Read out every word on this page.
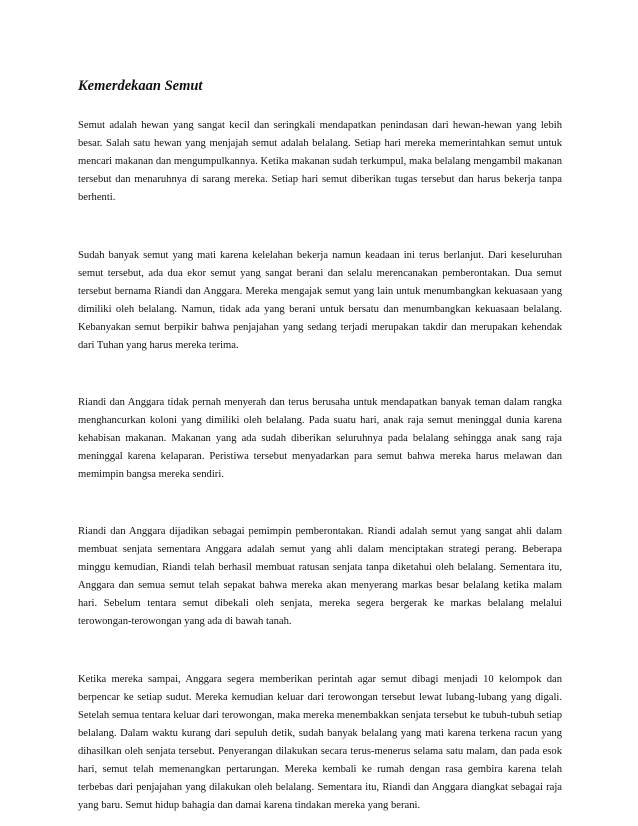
Kemerdekaan Semut

Semut adalah hewan yang sangat kecil dan seringkali mendapatkan penindasan dari hewan-hewan yang lebih besar. Salah satu hewan yang menjajah semut adalah belalang. Setiap hari mereka memerintahkan semut untuk mencari makanan dan mengumpulkannya. Ketika makanan sudah terkumpul, maka belalang mengambil makanan tersebut dan menaruhnya di sarang mereka. Setiap hari semut diberikan tugas tersebut dan harus bekerja tanpa berhenti.

Sudah banyak semut yang mati karena kelelahan bekerja namun keadaan ini terus berlanjut. Dari keseluruhan semut tersebut, ada dua ekor semut yang sangat berani dan selalu merencanakan pemberontakan. Dua semut tersebut bernama Riandi dan Anggara. Mereka mengajak semut yang lain untuk menumbangkan kekuasaan yang dimiliki oleh belalang. Namun, tidak ada yang berani untuk bersatu dan menumbangkan kekuasaan belalang. Kebanyakan semut berpikir bahwa penjajahan yang sedang terjadi merupakan takdir dan merupakan kehendak dari Tuhan yang harus mereka terima.

Riandi dan Anggara tidak pernah menyerah dan terus berusaha untuk mendapatkan banyak teman dalam rangka menghancurkan koloni yang dimiliki oleh belalang. Pada suatu hari, anak raja semut meninggal dunia karena kehabisan makanan. Makanan yang ada sudah diberikan seluruhnya pada belalang sehingga anak sang raja meninggal karena kelaparan. Peristiwa tersebut menyadarkan para semut bahwa mereka harus melawan dan memimpin bangsa mereka sendiri.

Riandi dan Anggara dijadikan sebagai pemimpin pemberontakan. Riandi adalah semut yang sangat ahli dalam membuat senjata sementara Anggara adalah semut yang ahli dalam menciptakan strategi perang. Beberapa minggu kemudian, Riandi telah berhasil membuat ratusan senjata tanpa diketahui oleh belalang. Sementara itu, Anggara dan semua semut telah sepakat bahwa mereka akan menyerang markas besar belalang ketika malam hari. Sebelum tentara semut dibekali oleh senjata, mereka segera bergerak ke markas belalang melalui terowongan-terowongan yang ada di bawah tanah.

Ketika mereka sampai, Anggara segera memberikan perintah agar semut dibagi menjadi 10 kelompok dan berpencar ke setiap sudut. Mereka kemudian keluar dari terowongan tersebut lewat lubang-lubang yang digali. Setelah semua tentara keluar dari terowongan, maka mereka menembakkan senjata tersebut ke tubuh-tubuh setiap belalang. Dalam waktu kurang dari sepuluh detik, sudah banyak belalang yang mati karena terkena racun yang dihasilkan oleh senjata tersebut. Penyerangan dilakukan secara terus-menerus selama satu malam, dan pada esok hari, semut telah memenangkan pertarungan. Mereka kembali ke rumah dengan rasa gembira karena telah terbebas dari penjajahan yang dilakukan oleh belalang. Sementara itu, Riandi dan Anggara diangkat sebagai raja yang baru. Semut hidup bahagia dan damai karena tindakan mereka yang berani.
